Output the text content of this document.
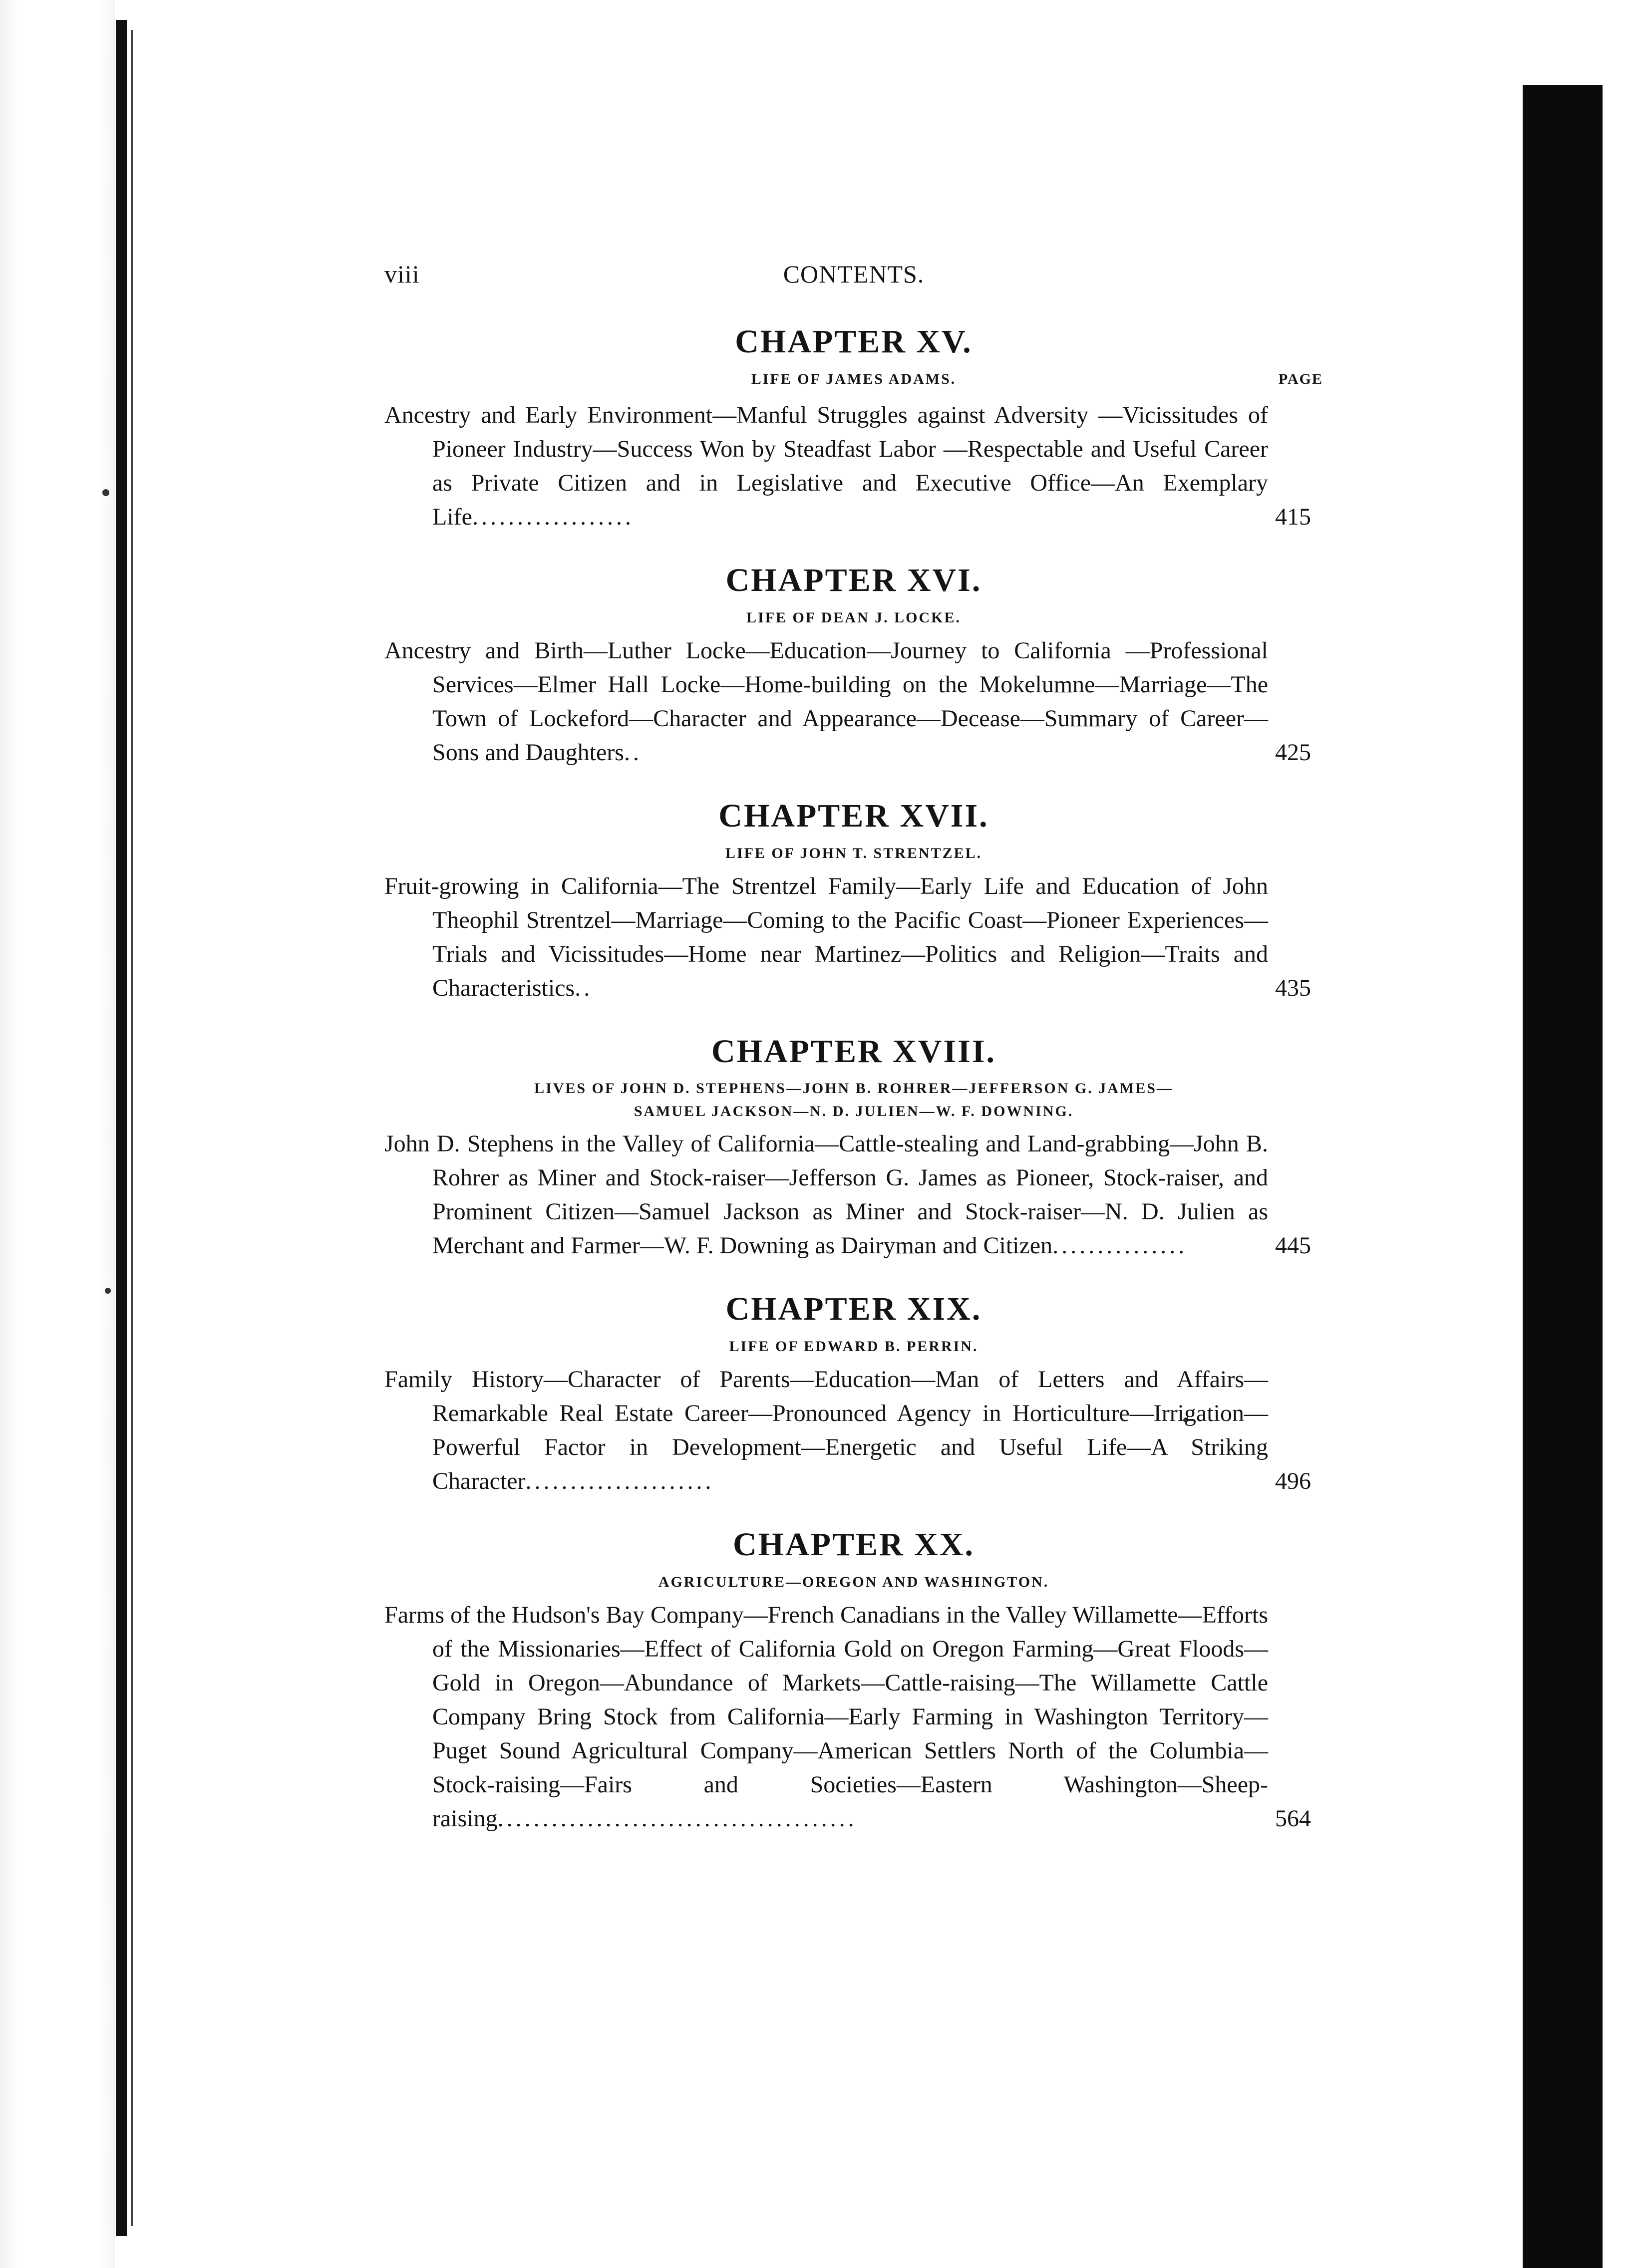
viii	CONTENTS.
CHAPTER XV.
LIFE OF JAMES ADAMS.	PAGE

Ancestry and Early Environment—Manful Struggles against Adversity —Vicissitudes of Pioneer Industry—Success Won by Steadfast Labor —Respectable and Useful Career as Private Citizen and in Legislative and Executive Office—An Exemplary Life..................	415

CHAPTER XVI.
LIFE OF DEAN J. LOCKE.

Ancestry and Birth—Luther Locke—Education—Journey to California —Professional Services—Elmer Hall Locke—Home-building on the Mokelumne—Marriage—The Town of Lockeford—Character and Appearance—Decease—Summary of Career—Sons and Daughters..	425

CHAPTER XVII.
LIFE OF JOHN T. STRENTZEL.

Fruit-growing in California—The Strentzel Family—Early Life and Education of John Theophil Strentzel—Marriage—Coming to the Pacific Coast—Pioneer Experiences—Trials and Vicissitudes—Home near Martinez—Politics and Religion—Traits and Characteristics..	435

CHAPTER XVIII.
LIVES OF JOHN D. STEPHENS—JOHN B. ROHRER—JEFFERSON G. JAMES—
SAMUEL JACKSON—N. D. JULIEN—W. F. DOWNING.

John D. Stephens in the Valley of California—Cattle-stealing and Land-grabbing—John B. Rohrer as Miner and Stock-raiser—Jefferson G. James as Pioneer, Stock-raiser, and Prominent Citizen—Samuel Jackson as Miner and Stock-raiser—N. D. Julien as Merchant and Farmer—W. F. Downing as Dairyman and Citizen...............	445

CHAPTER XIX.
LIFE OF EDWARD B. PERRIN.

Family History—Character of Parents—Education—Man of Letters and Affairs—Remarkable Real Estate Career—Pronounced Agency in Horticulture—Irrigation—Powerful Factor in Development—Energetic and Useful Life—A Striking Character.....................	496

CHAPTER XX.
AGRICULTURE—OREGON AND WASHINGTON.

Farms of the Hudson's Bay Company—French Canadians in the Valley Willamette—Efforts of the Missionaries—Effect of California Gold on Oregon Farming—Great Floods—Gold in Oregon—Abundance of Markets—Cattle-raising—The Willamette Cattle Company Bring Stock from California—Early Farming in Washington Territory—Puget Sound Agricultural Company—American Settlers North of the Columbia—Stock-raising—Fairs and Societies—Eastern Washington—Sheep-raising........................................	564
